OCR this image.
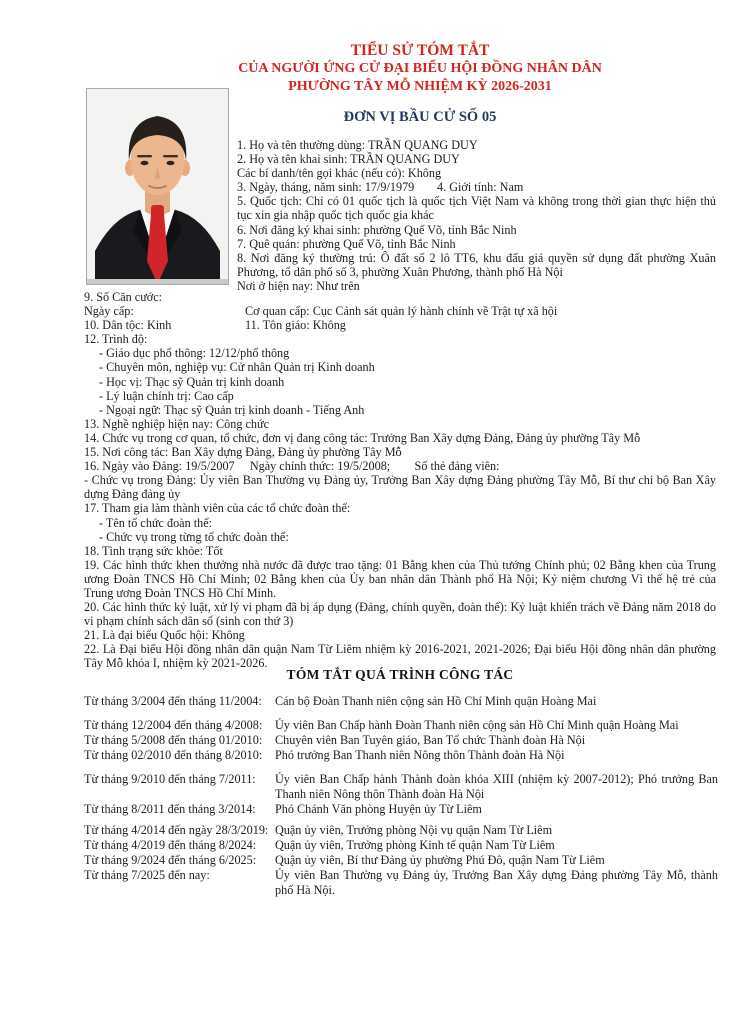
TIỂU SỬ TÓM TẮT
CỦA NGƯỜI ỨNG CỬ ĐẠI BIỂU HỘI ĐỒNG NHÂN DÂN
PHƯỜNG TÂY MỖ NHIỆM KỲ 2026-2031
ĐƠN VỊ BẦU CỬ SỐ 05
1. Họ và tên thường dùng: TRẦN QUANG DUY
2. Họ và tên khai sinh: TRẦN QUANG DUY
Các bí danh/tên gọi khác (nếu có): Không
3. Ngày, tháng, năm sinh: 17/9/1979 4. Giới tính: Nam
5. Quốc tịch: Chỉ có 01 quốc tịch là quốc tịch Việt Nam và không trong thời gian thực hiện thủ tục xin gia nhập quốc tịch quốc gia khác
6. Nơi đăng ký khai sinh: phường Quế Võ, tỉnh Bắc Ninh
7. Quê quán: phường Quế Võ, tỉnh Bắc Ninh
8. Nơi đăng ký thường trú: Ô đất số 2 lô TT6, khu đấu giá quyền sử dụng đất phường Xuân Phương, tổ dân phố số 3, phường Xuân Phương, thành phố Hà Nội
Nơi ở hiện nay: Như trên
9. Số Căn cước:
Ngày cấp:	Cơ quan cấp: Cục Cảnh sát quản lý hành chính về Trật tự xã hội
10. Dân tộc: Kinh	11. Tôn giáo: Không
12. Trình độ:
- Giáo dục phổ thông: 12/12/phổ thông
- Chuyên môn, nghiệp vụ: Cử nhân Quản trị Kinh doanh
- Học vị: Thạc sỹ Quản trị kinh doanh
- Lý luận chính trị: Cao cấp
- Ngoại ngữ: Thạc sỹ Quản trị kinh doanh - Tiếng Anh
13. Nghề nghiệp hiện nay: Công chức
14. Chức vụ trong cơ quan, tổ chức, đơn vị đang công tác: Trưởng Ban Xây dựng Đảng, Đảng ủy phường Tây Mỗ
15. Nơi công tác: Ban Xây dựng Đảng, Đảng ủy phường Tây Mỗ
16. Ngày vào Đảng: 19/5/2007     Ngày chính thức: 19/5/2008;        Số thẻ đảng viên:
- Chức vụ trong Đảng: Ủy viên Ban Thường vụ Đảng ủy, Trưởng Ban Xây dựng Đảng phường Tây Mỗ, Bí thư chi bộ Ban Xây dựng Đảng đảng ủy
17. Tham gia làm thành viên của các tổ chức đoàn thể:
- Tên tổ chức đoàn thể:
- Chức vụ trong từng tổ chức đoàn thể:
18. Tình trạng sức khỏe: Tốt
19. Các hình thức khen thưởng nhà nước đã được trao tặng: 01 Bằng khen của Thủ tướng Chính phủ; 02 Bằng khen của Trung ương Đoàn TNCS Hồ Chí Minh; 02 Bằng khen của Ủy ban nhân dân Thành phố Hà Nội; Kỷ niệm chương Vì thế hệ trẻ của Trung ương Đoàn TNCS Hồ Chí Minh.
20. Các hình thức kỷ luật, xử lý vi phạm đã bị áp dụng (Đảng, chính quyền, đoàn thể): Kỷ luật khiển trách về Đảng năm 2018 do vi phạm chính sách dân số (sinh con thứ 3)
21. Là đại biểu Quốc hội: Không
22. Là Đại biểu Hội đồng nhân dân quận Nam Từ Liêm nhiệm kỳ 2016-2021, 2021-2026; Đại biểu Hội đồng nhân dân phường Tây Mỗ khóa I, nhiệm kỳ 2021-2026.
TÓM TẮT QUÁ TRÌNH CÔNG TÁC
Từ tháng 3/2004 đến tháng 11/2004:	Cán bộ Đoàn Thanh niên cộng sản Hồ Chí Minh quận Hoàng Mai
Từ tháng 12/2004 đến tháng 4/2008:	Ủy viên Ban Chấp hành Đoàn Thanh niên cộng sản Hồ Chí Minh quận Hoàng Mai
Từ tháng 5/2008 đến tháng 01/2010:	Chuyên viên Ban Tuyên giáo, Ban Tổ chức Thành đoàn Hà Nội
Từ tháng 02/2010 đến tháng 8/2010:	Phó trưởng Ban Thanh niên Nông thôn Thành đoàn Hà Nội
Từ tháng 9/2010 đến tháng 7/2011:	Ủy viên Ban Chấp hành Thành đoàn khóa XIII (nhiệm kỳ 2007-2012); Phó trưởng Ban Thanh niên Nông thôn Thành đoàn Hà Nội
Từ tháng 8/2011 đến tháng 3/2014:	Phó Chánh Văn phòng Huyện ủy Từ Liêm
Từ tháng 4/2014 đến ngày 28/3/2019: Quận ủy viên, Trưởng phòng Nội vụ quận Nam Từ Liêm
Từ tháng 4/2019 đến tháng 8/2024:	Quận ủy viên, Trưởng phòng Kinh tế quận Nam Từ Liêm
Từ tháng 9/2024 đến tháng 6/2025:	Quận ủy viên, Bí thư Đảng ủy phường Phú Đô, quận Nam Từ Liêm
Từ tháng 7/2025 đến nay:	Ủy viên Ban Thường vụ Đảng ủy, Trưởng Ban Xây dựng Đảng phường Tây Mỗ, thành phố Hà Nội.
